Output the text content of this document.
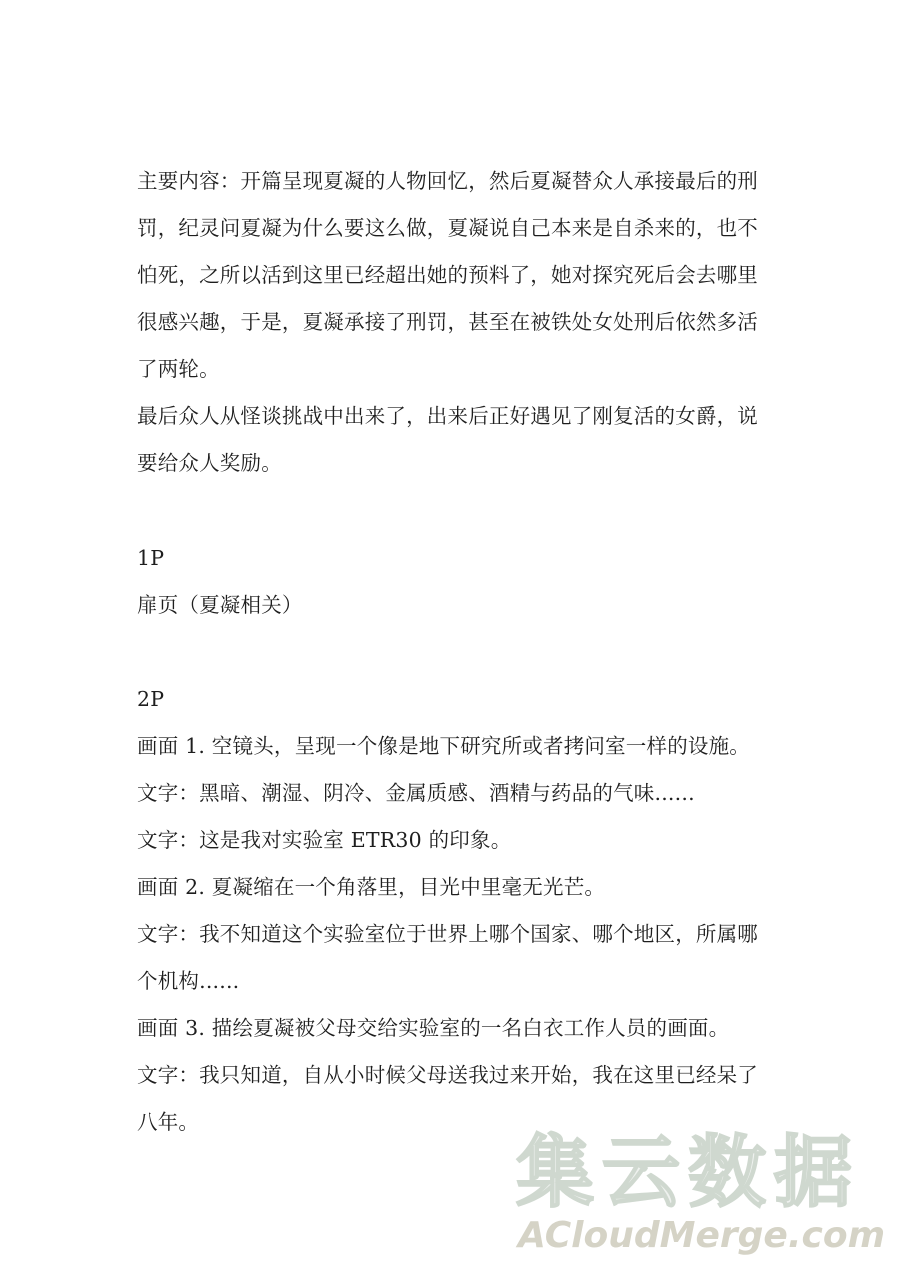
主要内容：开篇呈现夏凝的人物回忆，然后夏凝替众人承接最后的刑
罚，纪灵问夏凝为什么要这么做，夏凝说自己本来是自杀来的，也不
怕死，之所以活到这里已经超出她的预料了，她对探究死后会去哪里
很感兴趣，于是，夏凝承接了刑罚，甚至在被铁处女处刑后依然多活
了两轮。
最后众人从怪谈挑战中出来了，出来后正好遇见了刚复活的女爵，说
要给众人奖励。
1P
扉页（夏凝相关）
2P
画面 1. 空镜头，呈现一个像是地下研究所或者拷问室一样的设施。
文字：黑暗、潮湿、阴冷、金属质感、酒精与药品的气味......
文字：这是我对实验室 ETR30 的印象。
画面 2. 夏凝缩在一个角落里，目光中里毫无光芒。
文字：我不知道这个实验室位于世界上哪个国家、哪个地区，所属哪
个机构......
画面 3. 描绘夏凝被父母交给实验室的一名白衣工作人员的画面。
文字：我只知道，自从小时候父母送我过来开始，我在这里已经呆了
八年。
集云数据
ACloudMerge.com
